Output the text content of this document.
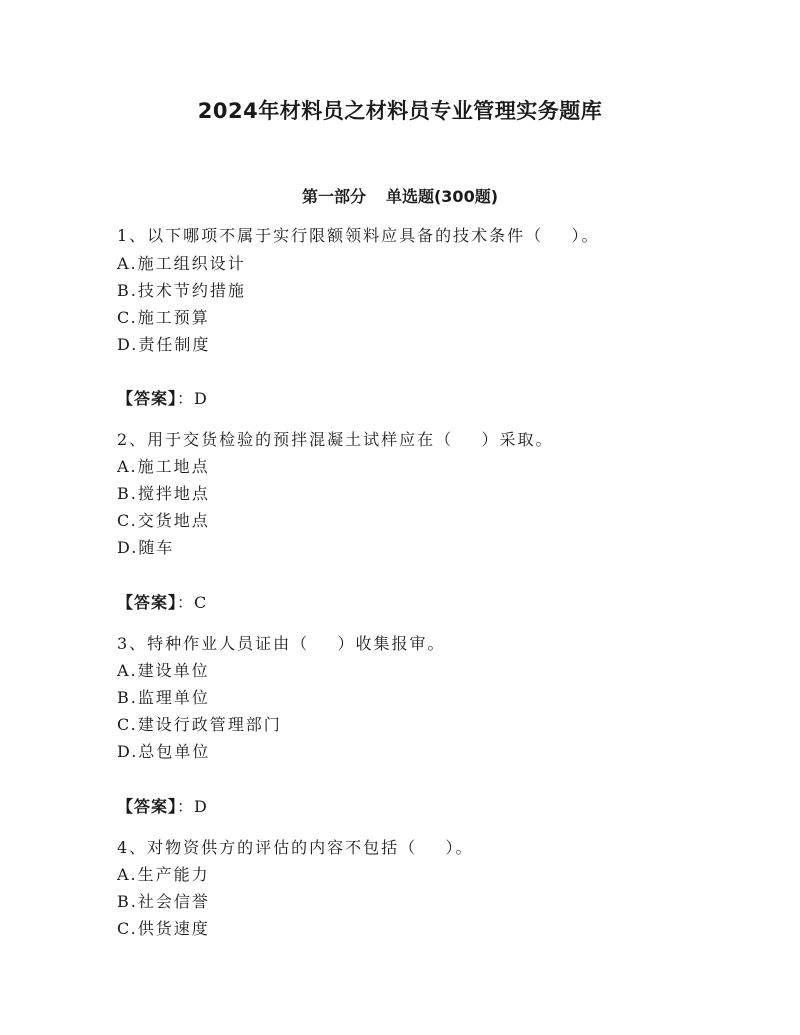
2024年材料员之材料员专业管理实务题库
第一部分 单选题(300题)
1、以下哪项不属于实行限额领料应具备的技术条件（    ）。
A.施工组织设计
B.技术节约措施
C.施工预算
D.责任制度
【答案】：D
2、用于交货检验的预拌混凝土试样应在（    ）采取。
A.施工地点
B.搅拌地点
C.交货地点
D.随车
【答案】：C
3、特种作业人员证由（    ）收集报审。
A.建设单位
B.监理单位
C.建设行政管理部门
D.总包单位
【答案】：D
4、对物资供方的评估的内容不包括（    ）。
A.生产能力
B.社会信誉
C.供货速度
